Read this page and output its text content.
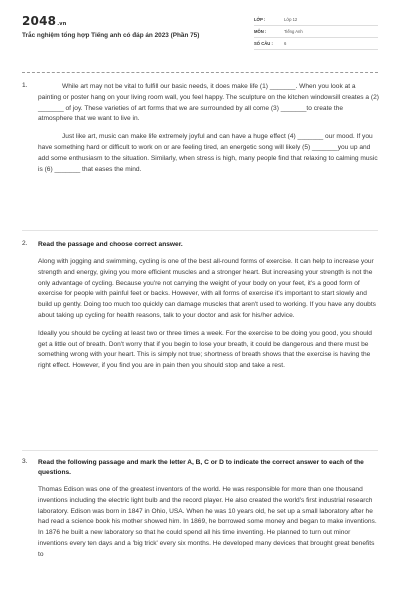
2048.vn
Trắc nghiệm tổng hợp Tiếng anh có đáp án 2023 (Phần 75)
LỚP :	Lớp 12
MÔN :	Tiếng Anh
SỐ CÂU :	6
1.	While art may not be vital to fulfill our basic needs, it does make life (1) _______. When you look at a painting or poster hang on your living room wall, you feel happy. The sculpture on the kitchen windowsill creates a (2) _______ of joy. These varieties of art forms that we are surrounded by all come (3) _______to create the atmosphere that we want to live in.

Just like art, music can make life extremely joyful and can have a huge effect (4) _______ our mood. If you have something hard or difficult to work on or are feeling tired, an energetic song will likely (5) _______you up and add some enthusiasm to the situation. Similarly, when stress is high, many people find that relaxing to calming music is (6) _______ that eases the mind.

2. Read the passage and choose correct answer.

Along with jogging and swimming, cycling is one of the best all-round forms of exercise. It can help to increase your strength and energy, giving you more efficient muscles and a stronger heart. But increasing your strength is not the only advantage of cycling. Because you're not carrying the weight of your body on your feet, it's a good form of exercise for people with painful feet or backs. However, with all forms of exercise it's important to start slowly and build up gently. Doing too much too quickly can damage muscles that aren't used to working. If you have any doubts about taking up cycling for health reasons, talk to your doctor and ask for his/her advice.

Ideally you should be cycling at least two or three times a week. For the exercise to be doing you good, you should get a little out of breath. Don't worry that if you begin to lose your breath, it could be dangerous and there must be something wrong with your heart. This is simply not true; shortness of breath shows that the exercise is having the right effect. However, if you find you are in pain then you should stop and take a rest.

3. Read the following passage and mark the letter A, B, C or D to indicate the correct answer to each of the questions.

Thomas Edison was one of the greatest inventors of the world. He was responsible for more than one thousand inventions including the electric light bulb and the record player. He also created the world's first industrial research laboratory. Edison was born in 1847 in Ohio, USA. When he was 10 years old, he set up a small laboratory after he had read a science book his mother showed him. In 1869, he borrowed some money and began to make inventions. In 1876 he built a new laboratory so that he could spend all his time inventing. He planned to turn out minor inventions every ten days and a 'big trick' every six months. He developed many devices that brought great benefits to
